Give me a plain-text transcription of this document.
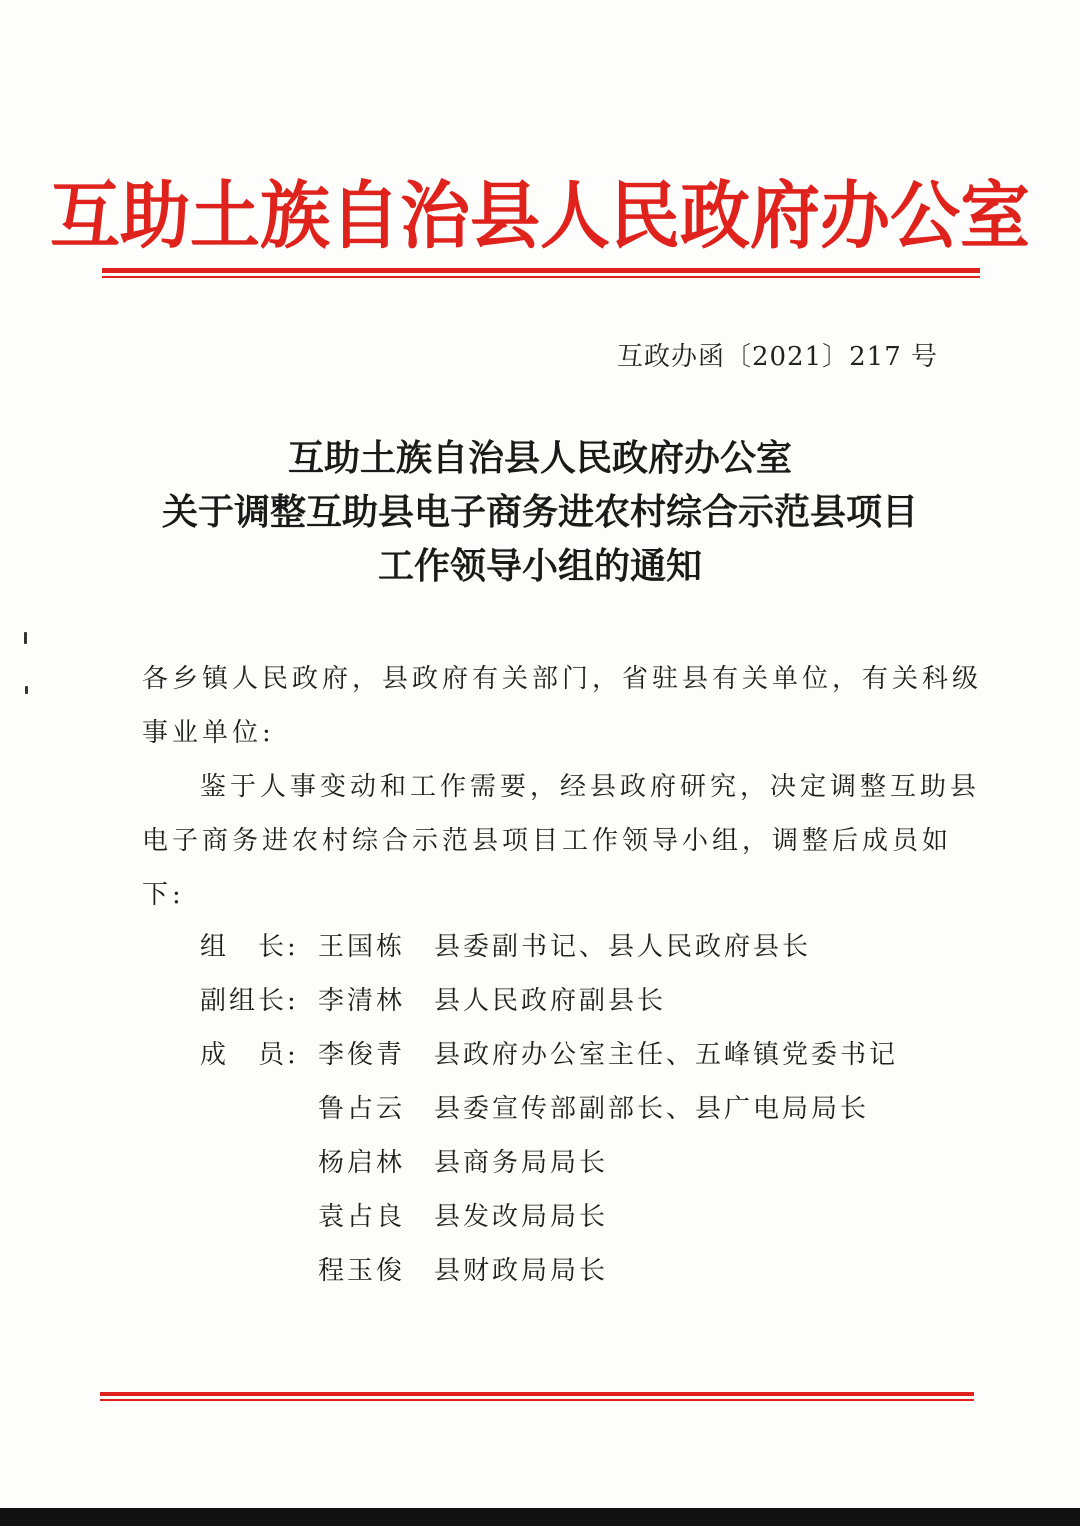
互助土族自治县人民政府办公室
互政办函〔2021〕217 号
互助土族自治县人民政府办公室
关于调整互助县电子商务进农村综合示范县项目
工作领导小组的通知
各乡镇人民政府，县政府有关部门，省驻县有关单位，有关科级
事业单位:
鉴于人事变动和工作需要，经县政府研究，决定调整互助县
电子商务进农村综合示范县项目工作领导小组，调整后成员如
下:
组　长: 王国栋	县委副书记、县人民政府县长
副组长: 李清林	县人民政府副县长
成　员: 李俊青	县政府办公室主任、五峰镇党委书记
鲁占云	县委宣传部副部长、县广电局局长
杨启林	县商务局局长
袁占良	县发改局局长
程玉俊	县财政局局长
